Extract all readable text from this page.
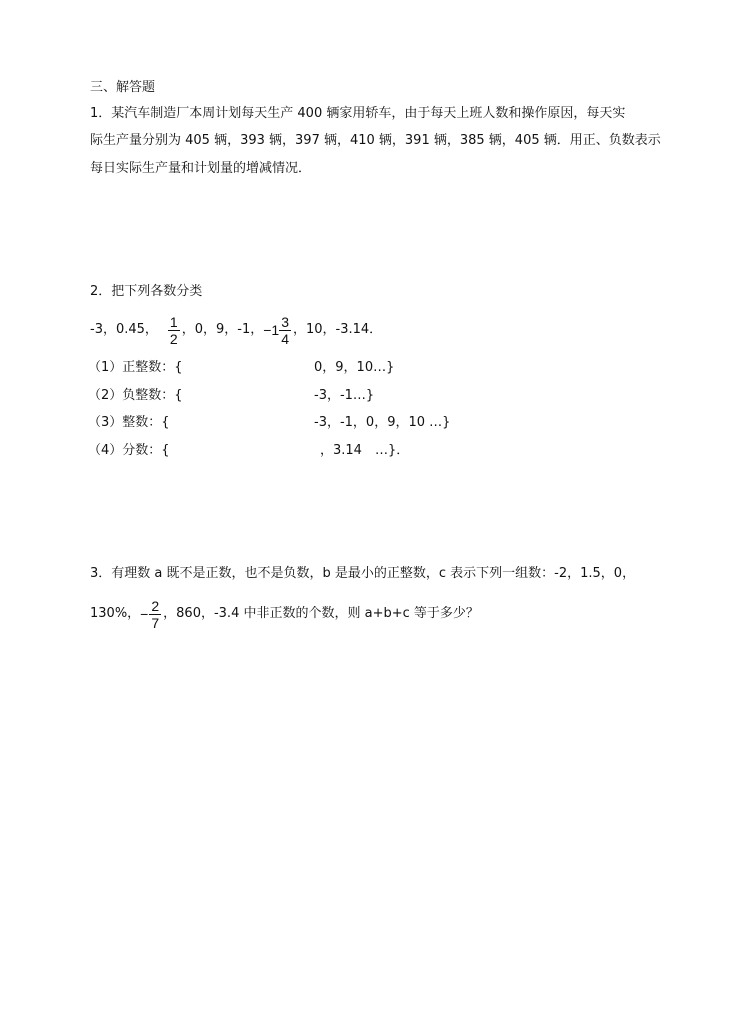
三、解答题
1．某汽车制造厂本周计划每天生产 400 辆家用轿车，由于每天上班人数和操作原因，每天实
际生产量分别为 405 辆，393 辆，397 辆，410 辆，391 辆，385 辆，405 辆．用正、负数表示
每日实际生产量和计划量的增减情况．
2．把下列各数分类
-3，0.45， $\frac{1}{2}$ ，0，9，-1， $-1 \frac{3}{4}$ ，10，-3.14．
（1）正整数：{	0，9，10…}
（2）负整数：{	-3，-1…}
（3）整数：{	-3，-1，0，9，10 …}
（4）分数：{	，3.14　…}．
3．有理数 a 既不是正数，也不是负数，b 是最小的正整数，c 表示下列一组数：-2，1.5，0，
130%， − $\frac{2}{7}$ ，860，-3.4 中非正数的个数，则 a+b+c 等于多少？
